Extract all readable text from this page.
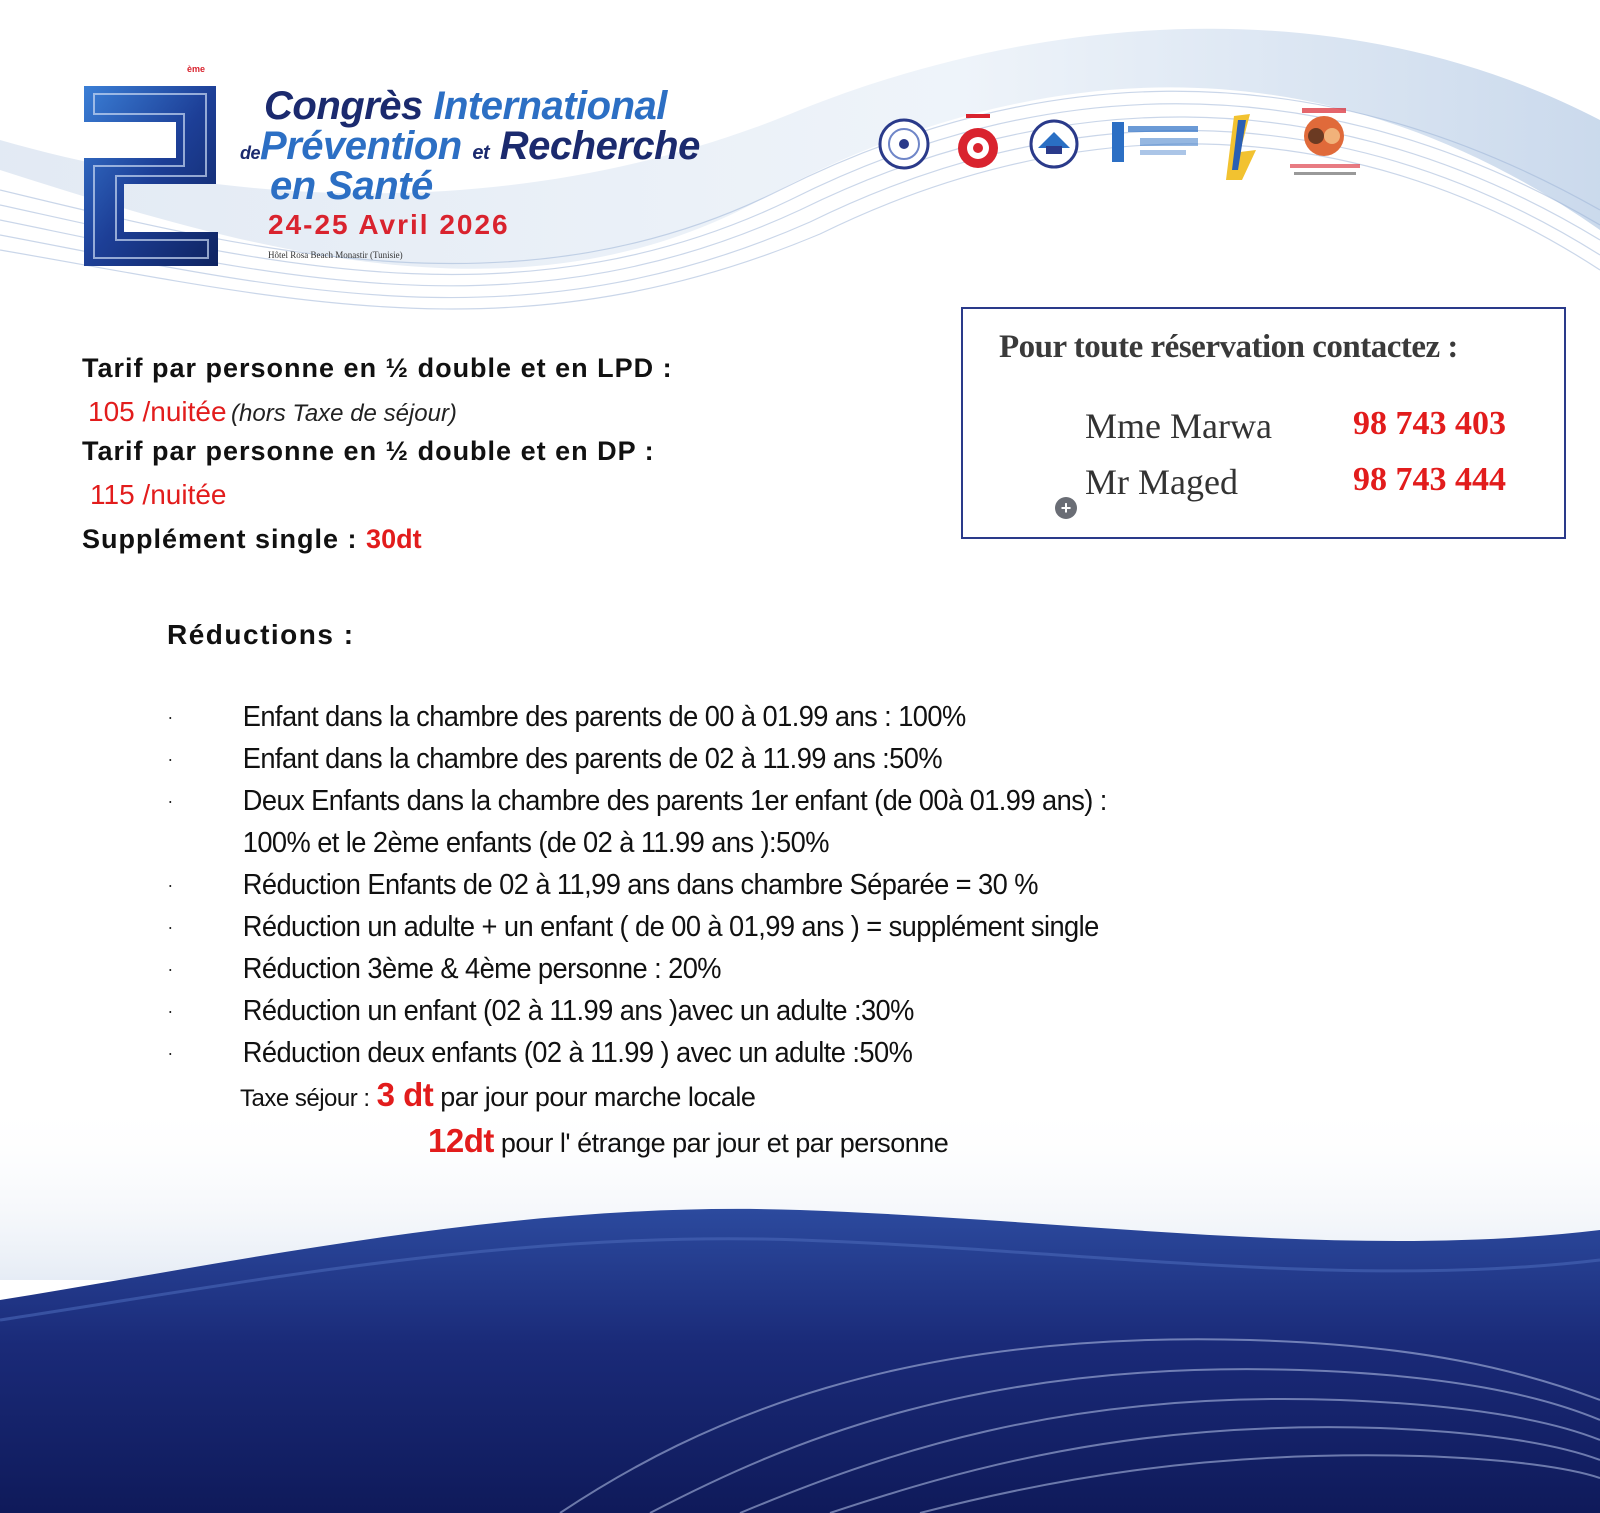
ème
Congrès International
dePrévention et Recherche
en Santé
24-25 Avril 2026
Hôtel Rosa Beach Monastir (Tunisie)
Tarif par personne en ½ double et en LPD :
105 /nuitée (hors Taxe de séjour)
Tarif par personne en ½ double et en DP :
115 /nuitée
Supplément single : 30dt
Pour toute réservation contactez :
Mme Marwa 98 743 403
Mr Maged	98 743 444
+
Réductions :
· Enfant dans la chambre des parents de 00 à 01.99 ans : 100%
· Enfant dans la chambre des parents de 02 à 11.99 ans :50%
· Deux Enfants dans la chambre des parents 1er enfant (de 00à 01.99 ans) :
100% et le 2ème enfants (de 02 à 11.99 ans ):50%
· Réduction Enfants de 02 à 11,99 ans dans chambre Séparée = 30 %
· Réduction un adulte + un enfant ( de 00 à 01,99 ans ) = supplément single
· Réduction 3ème & 4ème personne : 20%
· Réduction un enfant (02 à 11.99 ans )avec un adulte :30%
· Réduction deux enfants (02 à 11.99 ) avec un adulte :50%
Taxe séjour : 3 dt par jour pour marche locale
12dt pour l' étrange par jour et par personne
